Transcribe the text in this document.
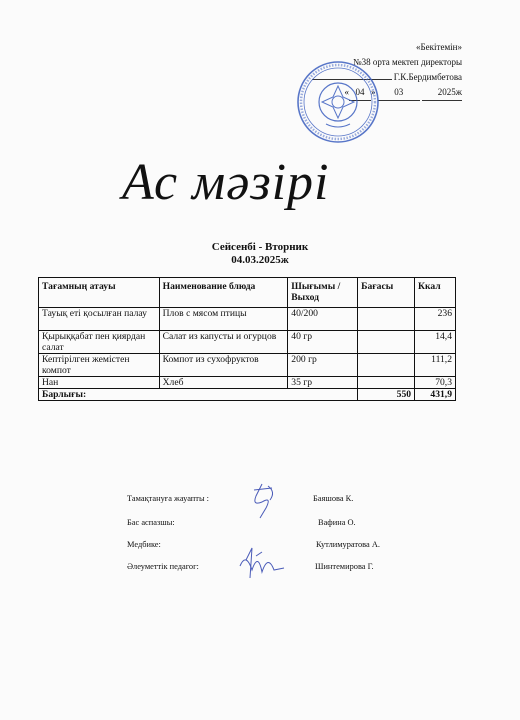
«Бекітемін»
№38 орта мектеп директоры
Г.К.Бердимбетова
« 04 » 03	2025ж
Ас мәзірі
Сейсенбі - Вторник
04.03.2025ж
Тағамның атауы	Наименование блюда	Шығымы / Выход	Бағасы	Ккал
Тауық еті қосылған палау	Плов с мясом птицы	40/200		236
Қырыққабат пен қиярдан салат	Салат из капусты и огурцов	40 гр		14,4
Кептірілген жемістен компот	Компот из сухофруктов	200 гр		111,2
Нан	Хлеб	35 гр		70,3
Барлығы:			550	431,9
Тамақтануға жауапты :	Баяшова К.
Бас аспазшы:	Вафина О.
Медбике:	Кутлимуратова А.
Әлеуметтік педагог:	Шинтемирова Г.
